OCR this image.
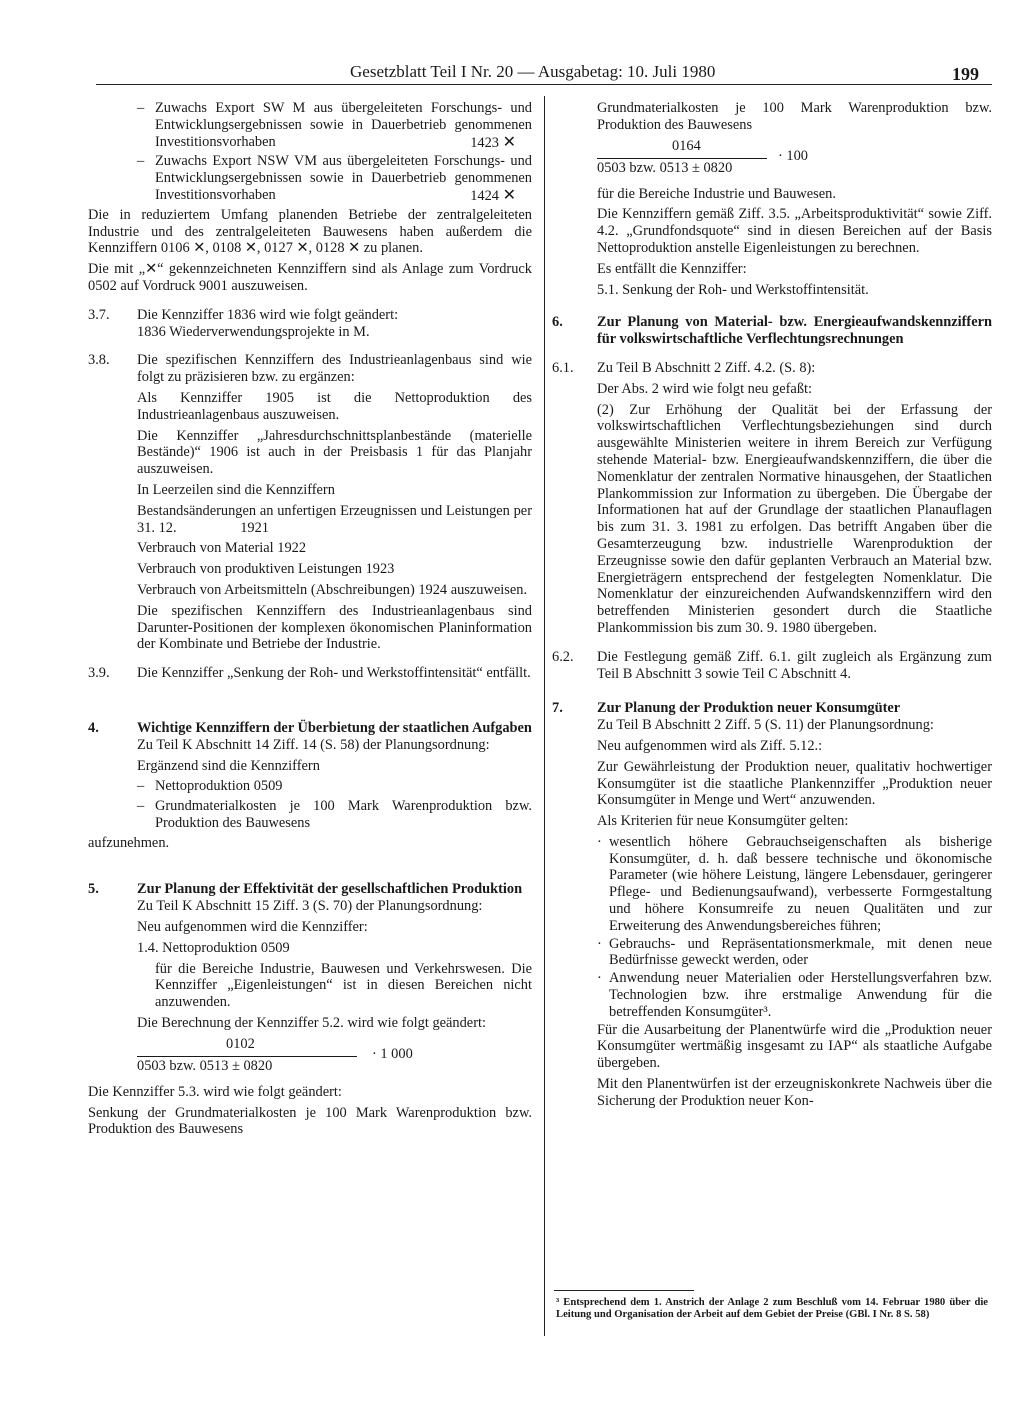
Gesetzblatt Teil I Nr. 20 — Ausgabetag: 10. Juli 1980	199
– Zuwachs Export SW M aus übergeleiteten Forschungs- und Entwicklungsergebnissen sowie in Dauerbetrieb genommenen Investitionsvorhaben	1423 ✕
– Zuwachs Export NSW VM aus übergeleiteten Forschungs- und Entwicklungsergebnissen sowie in Dauerbetrieb genommenen Investitionsvorhaben	1424 ✕
Die in reduziertem Umfang planenden Betriebe der zentralgeleiteten Industrie und des zentralgeleiteten Bauwesens haben außerdem die Kennziffern 0106 ✕, 0108 ✕, 0127 ✕, 0128 ✕ zu planen.
Die mit „✕“ gekennzeichneten Kennziffern sind als Anlage zum Vordruck 0502 auf Vordruck 9001 auszuweisen.
3.7. Die Kennziffer 1836 wird wie folgt geändert:
1836 Wiederverwendungsprojekte in M.
3.8. Die spezifischen Kennziffern des Industrieanlagenbaus sind wie folgt zu präzisieren bzw. zu ergänzen:
Als Kennziffer 1905 ist die Nettoproduktion des Industrieanlagenbaus auszuweisen.
Die Kennziffer „Jahresdurchschnittsplanbestände (materielle Bestände)“ 1906 ist auch in der Preisbasis 1 für das Planjahr auszuweisen.
In Leerzeilen sind die Kennziffern
Bestandsänderungen an unfertigen Erzeugnissen und Leistungen per 31. 12.	1921
Verbrauch von Material 1922
Verbrauch von produktiven Leistungen 1923
Verbrauch von Arbeitsmitteln (Abschreibungen) 1924 auszuweisen.
Die spezifischen Kennziffern des Industrieanlagenbaus sind Darunter-Positionen der komplexen ökonomischen Planinformation der Kombinate und Betriebe der Industrie.
3.9. Die Kennziffer „Senkung der Roh- und Werkstoffintensität“ entfällt.
4.	Wichtige Kennziffern der Überbietung der staatlichen Aufgaben
Zu Teil K Abschnitt 14 Ziff. 14 (S. 58) der Planungsordnung:
Ergänzend sind die Kennziffern
– Nettoproduktion 0509
– Grundmaterialkosten je 100 Mark Warenproduktion bzw. Produktion des Bauwesens
aufzunehmen.
5.	Zur Planung der Effektivität der gesellschaftlichen Produktion
Zu Teil K Abschnitt 15 Ziff. 3 (S. 70) der Planungsordnung:
Neu aufgenommen wird die Kennziffer:
1.4. Nettoproduktion 0509
für die Bereiche Industrie, Bauwesen und Verkehrswesen. Die Kennziffer „Eigenleistungen“ ist in diesen Bereichen nicht anzuwenden.
Die Berechnung der Kennziffer 5.2. wird wie folgt geändert:
0102
0503 bzw. 0513 ± 0820
· 1 000
Die Kennziffer 5.3. wird wie folgt geändert:
Senkung der Grundmaterialkosten je 100 Mark Warenproduktion bzw. Produktion des Bauwesens
Grundmaterialkosten je 100 Mark Warenproduktion bzw. Produktion des Bauwesens
0164
0503 bzw. 0513 ± 0820
· 100
für die Bereiche Industrie und Bauwesen.
Die Kennziffern gemäß Ziff. 3.5. „Arbeitsproduktivität“ sowie Ziff. 4.2. „Grundfondsquote“ sind in diesen Bereichen auf der Basis Nettoproduktion anstelle Eigenleistungen zu berechnen.
Es entfällt die Kennziffer:
5.1. Senkung der Roh- und Werkstoffintensität.
6. Zur Planung von Material- bzw. Energieaufwandskennziffern für volkswirtschaftliche Verflechtungsrechnungen
6.1. Zu Teil B Abschnitt 2 Ziff. 4.2. (S. 8):
Der Abs. 2 wird wie folgt neu gefaßt:
(2) Zur Erhöhung der Qualität bei der Erfassung der volkswirtschaftlichen Verflechtungsbeziehungen sind durch ausgewählte Ministerien weitere in ihrem Bereich zur Verfügung stehende Material- bzw. Energieaufwandskennziffern, die über die Nomenklatur der zentralen Normative hinausgehen, der Staatlichen Plankommission zur Information zu übergeben. Die Übergabe der Informationen hat auf der Grundlage der staatlichen Planauflagen bis zum 31. 3. 1981 zu erfolgen. Das betrifft Angaben über die Gesamterzeugung bzw. industrielle Warenproduktion der Erzeugnisse sowie den dafür geplanten Verbrauch an Material bzw. Energieträgern entsprechend der festgelegten Nomenklatur. Die Nomenklatur der einzureichenden Aufwandskennziffern wird den betreffenden Ministerien gesondert durch die Staatliche Plankommission bis zum 30. 9. 1980 übergeben.
6.2. Die Festlegung gemäß Ziff. 6.1. gilt zugleich als Ergänzung zum Teil B Abschnitt 3 sowie Teil C Abschnitt 4.
7. Zur Planung der Produktion neuer Konsumgüter
Zu Teil B Abschnitt 2 Ziff. 5 (S. 11) der Planungsordnung:
Neu aufgenommen wird als Ziff. 5.12.:
Zur Gewährleistung der Produktion neuer, qualitativ hochwertiger Konsumgüter ist die staatliche Plankennziffer „Produktion neuer Konsumgüter in Menge und Wert“ anzuwenden.
Als Kriterien für neue Konsumgüter gelten:
· wesentlich höhere Gebrauchseigenschaften als bisherige Konsumgüter, d. h. daß bessere technische und ökonomische Parameter (wie höhere Leistung, längere Lebensdauer, geringerer Pflege- und Bedienungsaufwand), verbesserte Formgestaltung und höhere Konsumreife zu neuen Qualitäten und zur Erweiterung des Anwendungsbereiches führen;
· Gebrauchs- und Repräsentationsmerkmale, mit denen neue Bedürfnisse geweckt werden, oder
· Anwendung neuer Materialien oder Herstellungsverfahren bzw. Technologien bzw. ihre erstmalige Anwendung für die betreffenden Konsumgüter³.
Für die Ausarbeitung der Planentwürfe wird die „Produktion neuer Konsumgüter wertmäßig insgesamt zu IAP“ als staatliche Aufgabe übergeben.
Mit den Planentwürfen ist der erzeugniskonkrete Nachweis über die Sicherung der Produktion neuer Kon-
³ Entsprechend dem 1. Anstrich der Anlage 2 zum Beschluß vom 14. Februar 1980 über die Leitung und Organisation der Arbeit auf dem Gebiet der Preise (GBl. I Nr. 8 S. 58)
